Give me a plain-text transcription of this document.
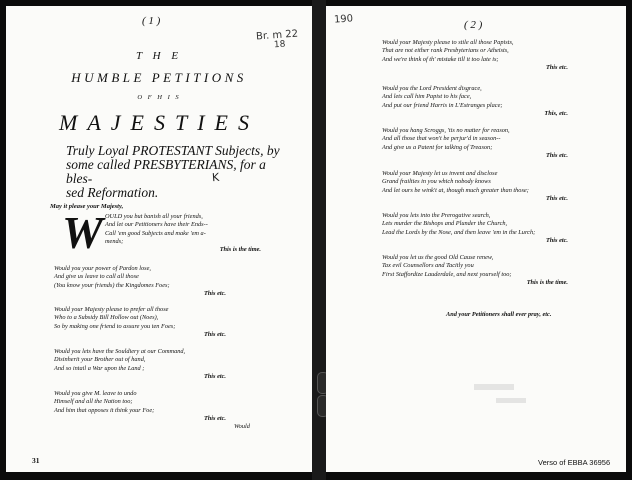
( 1 )
Br. m 22
18
T H E
HUMBLE PETITIONS
O F H I S
MAJESTIES
Truly Loyal PROTESTANT Subjects, by
some called PRESBYTERIANS, for a bles-
sed Reformation.
K
May it please your Majesty,
W OULD you but banish all your friends,
And let our Petitioners have their Ends--
Call 'em good Subjects and make 'em a-
mends;
This is the time.
Would you your power of Pardon lose,
And give us leave to call all those
(You know your friends) the Kingdomes Foes;
This etc.
Would your Majesty please to prefer all those
Who to a Subsidy Bill Hollow out (Noes),
So by making one friend to assure you ten Foes;
This etc.
Would you lets have the Souldiery at our Command,
Disinherit your Brother out of hand,
And so intail a War upon the Land ;
This etc.
Would you give M. leave to undo
Himself and all the Nation too;
And him that opposes it think your Foe;
This etc.
Would
31
190	( 2 )
Would your Majesty please to stile all those Papists,
That are not either rank Presbyterians or Atheists,
And we're think of th' mistake till it too late is;
This etc.
Would you the Lord President disgrace,
And lets call him Papist to his face,
And put our friend Harris in L'Estranges place;
This, etc.
Would you hang Scroggs, 'tis no matter for reason,
And all those that won't be perjur'd in season--
And give us a Patent for talking of Treason;
This etc.
Would your Majesty let us invent and disclose
Grand frailties in you which nobody knows
And let ours be wink't at, though much greater than those;
This etc.
Would you lets into the Prerogative search,
Lets murder the Bishops and Plunder the Church,
Lead the Lords by the Nose, and then leave 'em in the Lurch;
This etc.
Would you let us the good Old Cause renew,
Tax evil Counsellors and Tacitly you
First Staffordize Lauderdale, and next yourself too;
This is the time.
And your Petitioners shall ever pray, etc.
Verso of EBBA 36956
